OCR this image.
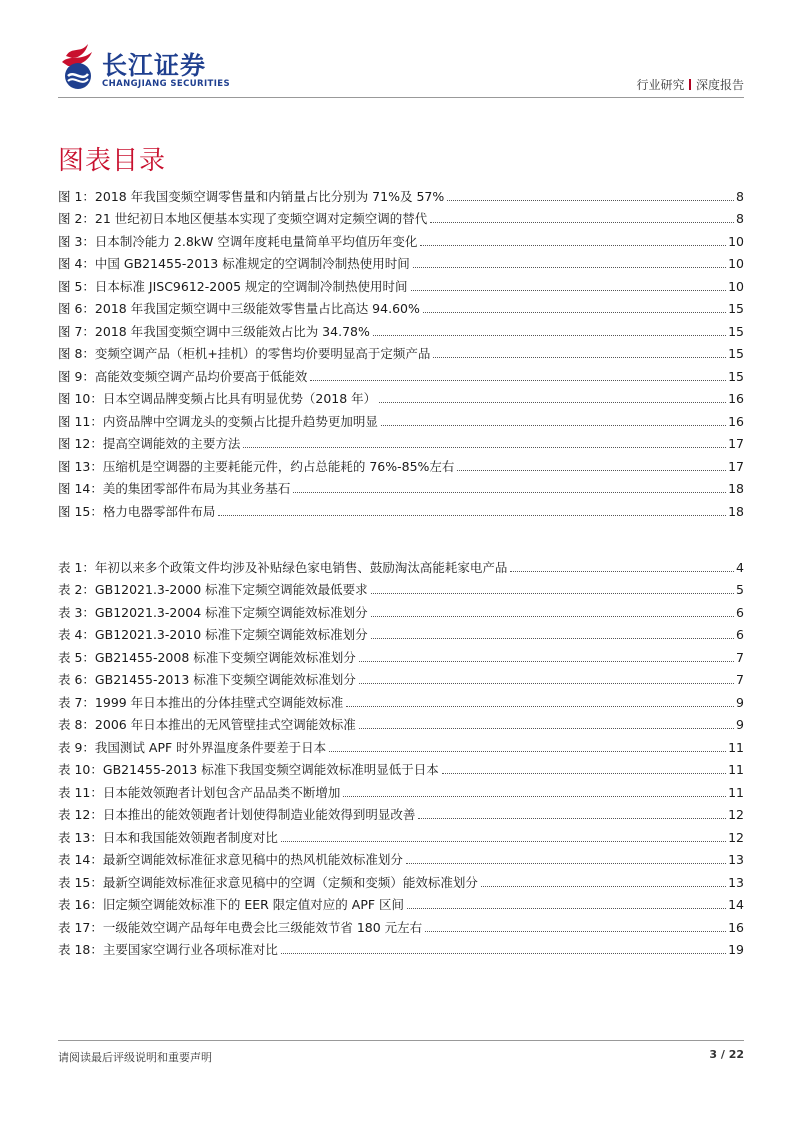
长江证券
CHANGJIANG SECURITIES	行业研究 深度报告
图表目录
图 1：2018 年我国变频空调零售量和内销量占比分别为 71%及 57%	8
图 2：21 世纪初日本地区便基本实现了变频空调对定频空调的替代	8
图 3：日本制冷能力 2.8kW 空调年度耗电量简单平均值历年变化	10
图 4：中国 GB21455-2013 标准规定的空调制冷制热使用时间	10
图 5：日本标准 JISC9612-2005 规定的空调制冷制热使用时间	10
图 6：2018 年我国定频空调中三级能效零售量占比高达 94.60%	15
图 7：2018 年我国变频空调中三级能效占比为 34.78%	15
图 8：变频空调产品（柜机+挂机）的零售均价要明显高于定频产品	15
图 9：高能效变频空调产品均价要高于低能效	15
图 10：日本空调品牌变频占比具有明显优势（2018 年）	16
图 11：内资品牌中空调龙头的变频占比提升趋势更加明显	16
图 12：提高空调能效的主要方法	17
图 13：压缩机是空调器的主要耗能元件，约占总能耗的 76%-85%左右	17
图 14：美的集团零部件布局为其业务基石	18
图 15：格力电器零部件布局	18
表 1：年初以来多个政策文件均涉及补贴绿色家电销售、鼓励淘汰高能耗家电产品	4
表 2：GB12021.3-2000 标准下定频空调能效最低要求	5
表 3：GB12021.3-2004 标准下定频空调能效标准划分	6
表 4：GB12021.3-2010 标准下定频空调能效标准划分	6
表 5：GB21455-2008 标准下变频空调能效标准划分	7
表 6：GB21455-2013 标准下变频空调能效标准划分	7
表 7：1999 年日本推出的分体挂壁式空调能效标准	9
表 8：2006 年日本推出的无风管壁挂式空调能效标准	9
表 9：我国测试 APF 时外界温度条件要差于日本	11
表 10：GB21455-2013 标准下我国变频空调能效标准明显低于日本	11
表 11：日本能效领跑者计划包含产品品类不断增加	11
表 12：日本推出的能效领跑者计划使得制造业能效得到明显改善	12
表 13：日本和我国能效领跑者制度对比	12
表 14：最新空调能效标准征求意见稿中的热风机能效标准划分	13
表 15：最新空调能效标准征求意见稿中的空调（定频和变频）能效标准划分	13
表 16：旧定频空调能效标准下的 EER 限定值对应的 APF 区间	14
表 17：一级能效空调产品每年电费会比三级能效节省 180 元左右	16
表 18：主要国家空调行业各项标准对比	19
请阅读最后评级说明和重要声明	3 / 22
